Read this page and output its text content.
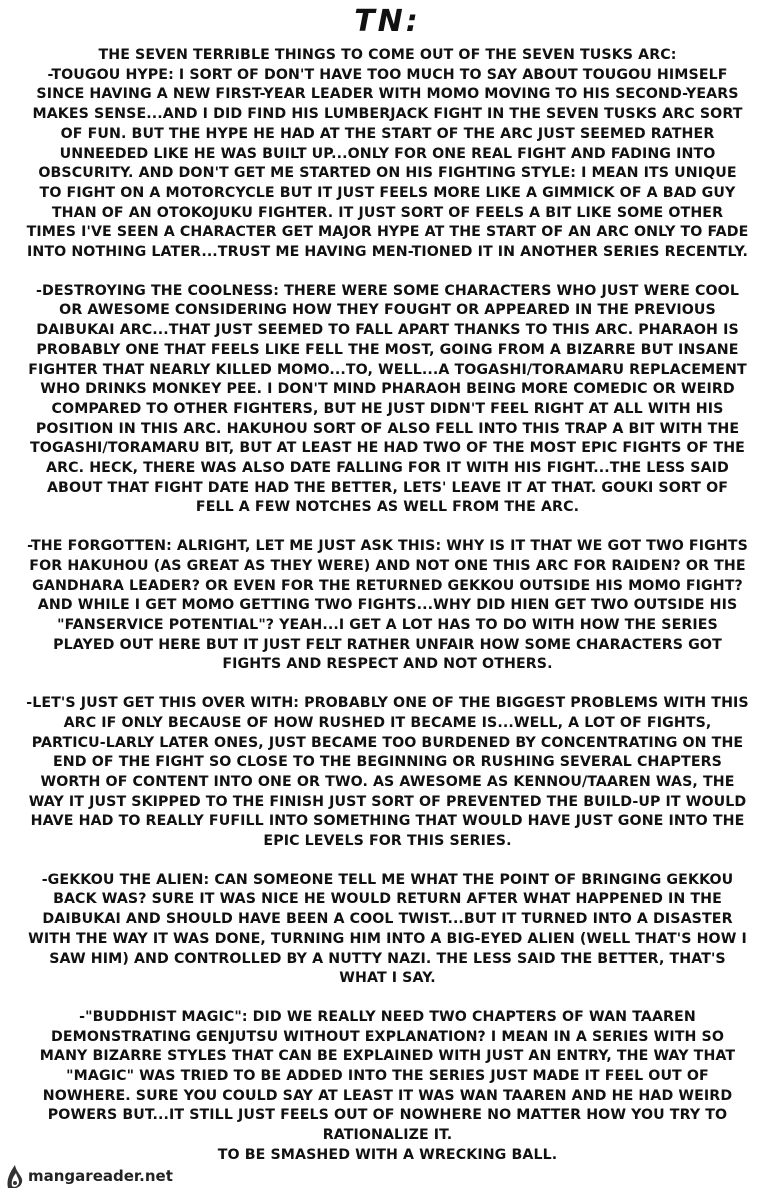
TN:

THE SEVEN TERRIBLE THINGS TO COME OUT OF THE SEVEN TUSKS ARC:
-TOUGOU HYPE: I SORT OF DON'T HAVE TOO MUCH TO SAY ABOUT TOUGOU HIMSELF SINCE HAVING A NEW FIRST-YEAR LEADER WITH MOMO MOVING TO HIS SECOND-YEARS MAKES SENSE...AND I DID FIND HIS LUMBERJACK FIGHT IN THE SEVEN TUSKS ARC SORT OF FUN. BUT THE HYPE HE HAD AT THE START OF THE ARC JUST SEEMED RATHER UNNEEDED LIKE HE WAS BUILT UP...ONLY FOR ONE REAL FIGHT AND FADING INTO OBSCURITY. AND DON'T GET ME STARTED ON HIS FIGHTING STYLE: I MEAN ITS UNIQUE TO FIGHT ON A MOTORCYCLE BUT IT JUST FEELS MORE LIKE A GIMMICK OF A BAD GUY THAN OF AN OTOKOJUKU FIGHTER. IT JUST SORT OF FEELS A BIT LIKE SOME OTHER TIMES I'VE SEEN A CHARACTER GET MAJOR HYPE AT THE START OF AN ARC ONLY TO FADE INTO NOTHING LATER...TRUST ME HAVING MEN-TIONED IT IN ANOTHER SERIES RECENTLY.

-DESTROYING THE COOLNESS: THERE WERE SOME CHARACTERS WHO JUST WERE COOL OR AWESOME CONSIDERING HOW THEY FOUGHT OR APPEARED IN THE PREVIOUS DAIBUKAI ARC...THAT JUST SEEMED TO FALL APART THANKS TO THIS ARC. PHARAOH IS PROBABLY ONE THAT FEELS LIKE FELL THE MOST, GOING FROM A BIZARRE BUT INSANE FIGHTER THAT NEARLY KILLED MOMO...TO, WELL...A TOGASHI/TORAMARU REPLACEMENT WHO DRINKS MONKEY PEE. I DON'T MIND PHARAOH BEING MORE COMEDIC OR WEIRD COMPARED TO OTHER FIGHTERS, BUT HE JUST DIDN'T FEEL RIGHT AT ALL WITH HIS POSITION IN THIS ARC. HAKUHOU SORT OF ALSO FELL INTO THIS TRAP A BIT WITH THE TOGASHI/TORAMARU BIT, BUT AT LEAST HE HAD TWO OF THE MOST EPIC FIGHTS OF THE ARC. HECK, THERE WAS ALSO DATE FALLING FOR IT WITH HIS FIGHT...THE LESS SAID ABOUT THAT FIGHT DATE HAD THE BETTER, LETS' LEAVE IT AT THAT. GOUKI SORT OF FELL A FEW NOTCHES AS WELL FROM THE ARC.

-THE FORGOTTEN: ALRIGHT, LET ME JUST ASK THIS: WHY IS IT THAT WE GOT TWO FIGHTS FOR HAKUHOU (AS GREAT AS THEY WERE) AND NOT ONE THIS ARC FOR RAIDEN? OR THE GANDHARA LEADER? OR EVEN FOR THE RETURNED GEKKOU OUTSIDE HIS MOMO FIGHT? AND WHILE I GET MOMO GETTING TWO FIGHTS...WHY DID HIEN GET TWO OUTSIDE HIS "FANSERVICE POTENTIAL"? YEAH...I GET A LOT HAS TO DO WITH HOW THE SERIES PLAYED OUT HERE BUT IT JUST FELT RATHER UNFAIR HOW SOME CHARACTERS GOT FIGHTS AND RESPECT AND NOT OTHERS.

-LET'S JUST GET THIS OVER WITH: PROBABLY ONE OF THE BIGGEST PROBLEMS WITH THIS ARC IF ONLY BECAUSE OF HOW RUSHED IT BECAME IS...WELL, A LOT OF FIGHTS, PARTICU-LARLY LATER ONES, JUST BECAME TOO BURDENED BY CONCENTRATING ON THE END OF THE FIGHT SO CLOSE TO THE BEGINNING OR RUSHING SEVERAL CHAPTERS WORTH OF CONTENT INTO ONE OR TWO. AS AWESOME AS KENNOU/TAAREN WAS, THE WAY IT JUST SKIPPED TO THE FINISH JUST SORT OF PREVENTED THE BUILD-UP IT WOULD HAVE HAD TO REALLY FUFILL INTO SOMETHING THAT WOULD HAVE JUST GONE INTO THE EPIC LEVELS FOR THIS SERIES.

-GEKKOU THE ALIEN: CAN SOMEONE TELL ME WHAT THE POINT OF BRINGING GEKKOU BACK WAS? SURE IT WAS NICE HE WOULD RETURN AFTER WHAT HAPPENED IN THE DAIBUKAI AND SHOULD HAVE BEEN A COOL TWIST...BUT IT TURNED INTO A DISASTER WITH THE WAY IT WAS DONE, TURNING HIM INTO A BIG-EYED ALIEN (WELL THAT'S HOW I SAW HIM) AND CONTROLLED BY A NUTTY NAZI. THE LESS SAID THE BETTER, THAT'S WHAT I SAY.

-"BUDDHIST MAGIC": DID WE REALLY NEED TWO CHAPTERS OF WAN TAAREN DEMONSTRATING GENJUTSU WITHOUT EXPLANATION? I MEAN IN A SERIES WITH SO MANY BIZARRE STYLES THAT CAN BE EXPLAINED WITH JUST AN ENTRY, THE WAY THAT "MAGIC" WAS TRIED TO BE ADDED INTO THE SERIES JUST MADE IT FEEL OUT OF NOWHERE. SURE YOU COULD SAY AT LEAST IT WAS WAN TAAREN AND HE HAD WEIRD POWERS BUT...IT STILL JUST FEELS OUT OF NOWHERE NO MATTER HOW YOU TRY TO RATIONALIZE IT.
TO BE SMASHED WITH A WRECKING BALL.

mangareader.net
